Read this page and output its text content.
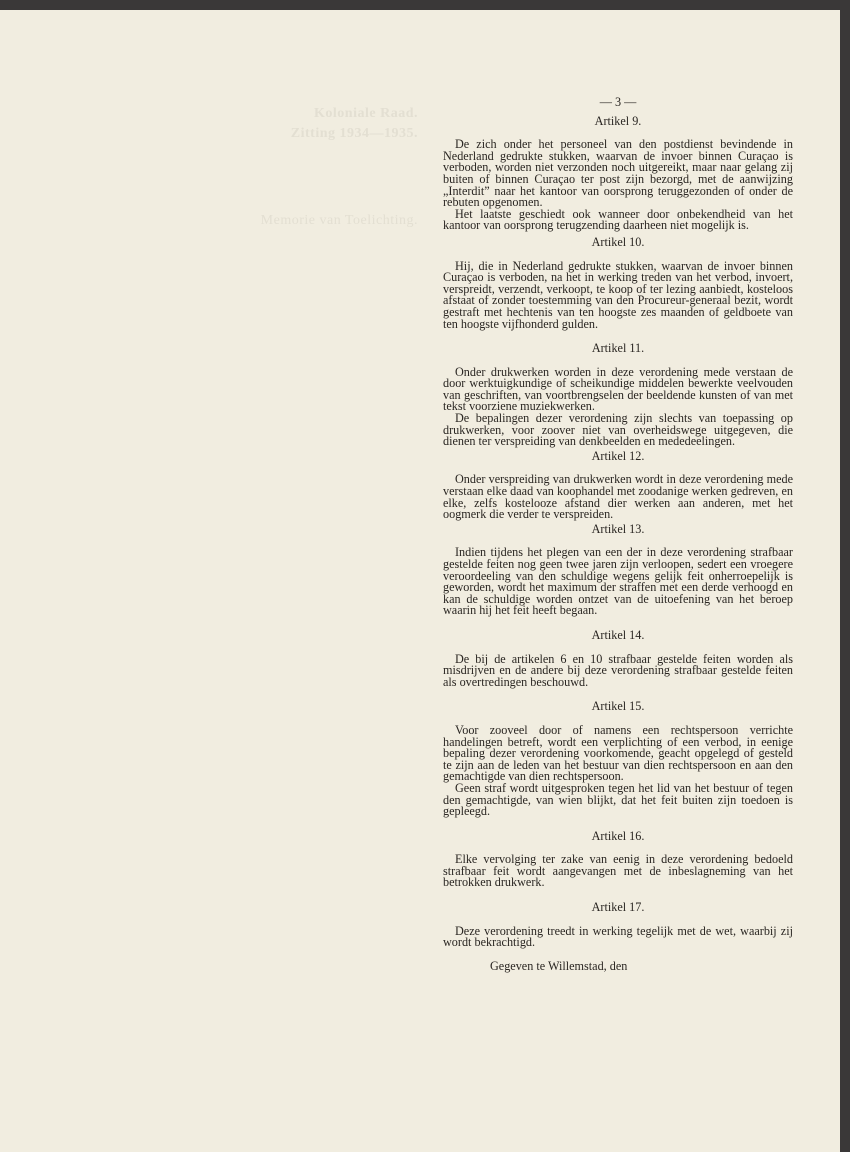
Koloniale Raad.
Zitting 1934—1935.
Memorie van Toelichting.
— 3 —
Artikel 9.

De zich onder het personeel van den postdienst bevindende in Nederland gedrukte stukken, waarvan de invoer binnen Curaçao is verboden, worden niet verzonden noch uitgereikt, maar naar gelang zij buiten of binnen Curaçao ter post zijn bezorgd, met de aanwijzing „Interdit” naar het kantoor van oorsprong teruggezonden of onder de rebuten opgenomen.

Het laatste geschiedt ook wanneer door onbekendheid van het kantoor van oorsprong terugzending daarheen niet mogelijk is.

Artikel 10.

Hij, die in Nederland gedrukte stukken, waarvan de invoer binnen Curaçao is verboden, na het in werking treden van het verbod, invoert, verspreidt, verzendt, verkoopt, te koop of ter lezing aanbiedt, kosteloos afstaat of zonder toestemming van den Procureur-generaal bezit, wordt gestraft met hechtenis van ten hoogste zes maanden of geldboete van ten hoogste vijfhonderd gulden.

Artikel 11.

Onder drukwerken worden in deze verordening mede verstaan de door werktuigkundige of scheikundige middelen bewerkte veelvouden van geschriften, van voortbrengselen der beeldende kunsten of van met tekst voorziene muziekwerken.

De bepalingen dezer verordening zijn slechts van toepassing op drukwerken, voor zoover niet van overheidswege uitgegeven, die dienen ter verspreiding van denkbeelden en mededeelingen.

Artikel 12.

Onder verspreiding van drukwerken wordt in deze verordening mede verstaan elke daad van koophandel met zoodanige werken gedreven, en elke, zelfs kostelooze afstand dier werken aan anderen, met het oogmerk die verder te verspreiden.

Artikel 13.

Indien tijdens het plegen van een der in deze verordening strafbaar gestelde feiten nog geen twee jaren zijn verloopen, sedert een vroegere veroordeeling van den schuldige wegens gelijk feit onherroepelijk is geworden, wordt het maximum der straffen met een derde verhoogd en kan de schuldige worden ontzet van de uitoefening van het beroep waarin hij het feit heeft begaan.

Artikel 14.

De bij de artikelen 6 en 10 strafbaar gestelde feiten worden als misdrijven en de andere bij deze verordening strafbaar gestelde feiten als overtredingen beschouwd.

Artikel 15.

Voor zooveel door of namens een rechtspersoon verrichte handelingen betreft, wordt een verplichting of een verbod, in eenige bepaling dezer verordening voorkomende, geacht opgelegd of gesteld te zijn aan de leden van het bestuur van dien rechtspersoon en aan den gemachtigde van dien rechtspersoon.

Geen straf wordt uitgesproken tegen het lid van het bestuur of tegen den gemachtigde, van wien blijkt, dat het feit buiten zijn toedoen is gepleegd.

Artikel 16.

Elke vervolging ter zake van eenig in deze verordening bedoeld strafbaar feit wordt aangevangen met de inbeslagneming van het betrokken drukwerk.

Artikel 17.

Deze verordening treedt in werking tegelijk met de wet, waarbij zij wordt bekrachtigd.

Gegeven te Willemstad, den
